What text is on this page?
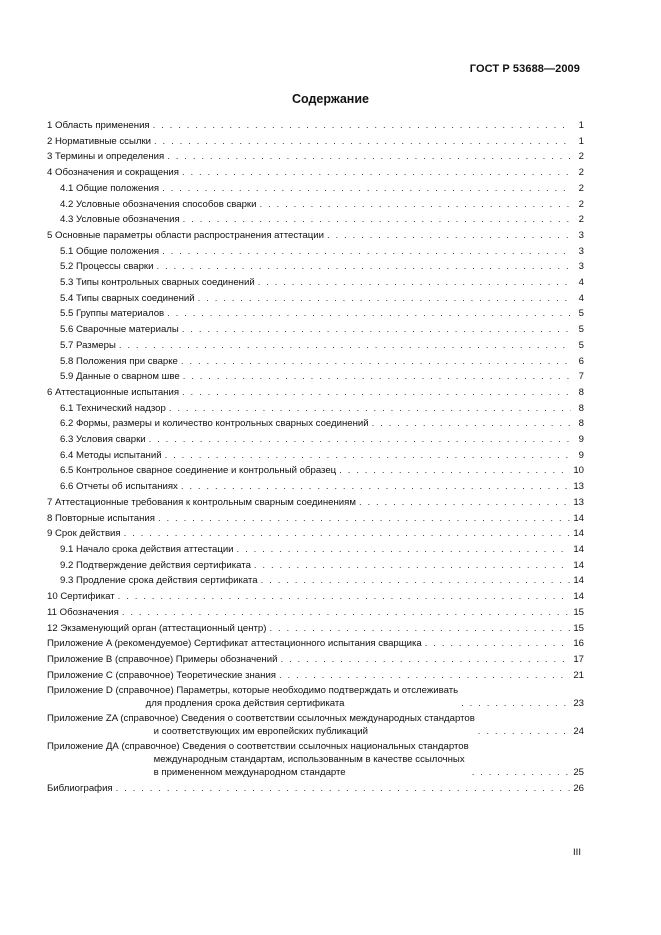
ГОСТ Р 53688—2009
Содержание
1 Область применения . . .	1
2 Нормативные ссылки . . .	1
3 Термины и определения . . .	2
4 Обозначения и сокращения . . .	2
4.1 Общие положения . . .	2
4.2 Условные обозначения способов сварки . . .	2
4.3 Условные обозначения . . .	2
5 Основные параметры области распространения аттестации . . .	3
5.1 Общие положения . . .	3
5.2 Процессы сварки . . .	3
5.3 Типы контрольных сварных соединений . . .	4
5.4 Типы сварных соединений . . .	4
5.5 Группы материалов . . .	5
5.6 Сварочные материалы . . .	5
5.7 Размеры . . .	5
5.8 Положения при сварке . . .	6
5.9 Данные о сварном шве . . .	7
6 Аттестационные испытания . . .	8
6.1 Технический надзор . . .	8
6.2 Формы, размеры и количество контрольных сварных соединений . . .	8
6.3 Условия сварки . . .	9
6.4 Методы испытаний . . .	9
6.5 Контрольное сварное соединение и контрольный образец . . .	10
6.6 Отчеты об испытаниях . . .	13
7 Аттестационные требования к контрольным сварным соединениям . . .	13
8 Повторные испытания . . .	14
9 Срок действия . . .	14
9.1 Начало срока действия аттестации . . .	14
9.2 Подтверждение действия сертификата . . .	14
9.3 Продление срока действия сертификата . . .	14
10 Сертификат . . .	14
11 Обозначения . . .	15
12 Экзаменующий орган (аттестационный центр) . . .	15
Приложение A (рекомендуемое) Сертификат аттестационного испытания сварщика . . .	16
Приложение B (справочное) Примеры обозначений . . .	17
Приложение C (справочное) Теоретические знания . . .	21
Приложение D (справочное) Параметры, которые необходимо подтверждать и отслеживать
для продления срока действия сертификата . . .	23
Приложение ZA (справочное) Сведения о соответствии ссылочных международных стандартов
и соответствующих им европейских публикаций . . .	24
Приложение ДА (справочное) Сведения о соответствии ссылочных национальных стандартов
международным стандартам, использованным в качестве ссылочных
в примененном международном стандарте . . .	25
Библиография . . .	26
III
